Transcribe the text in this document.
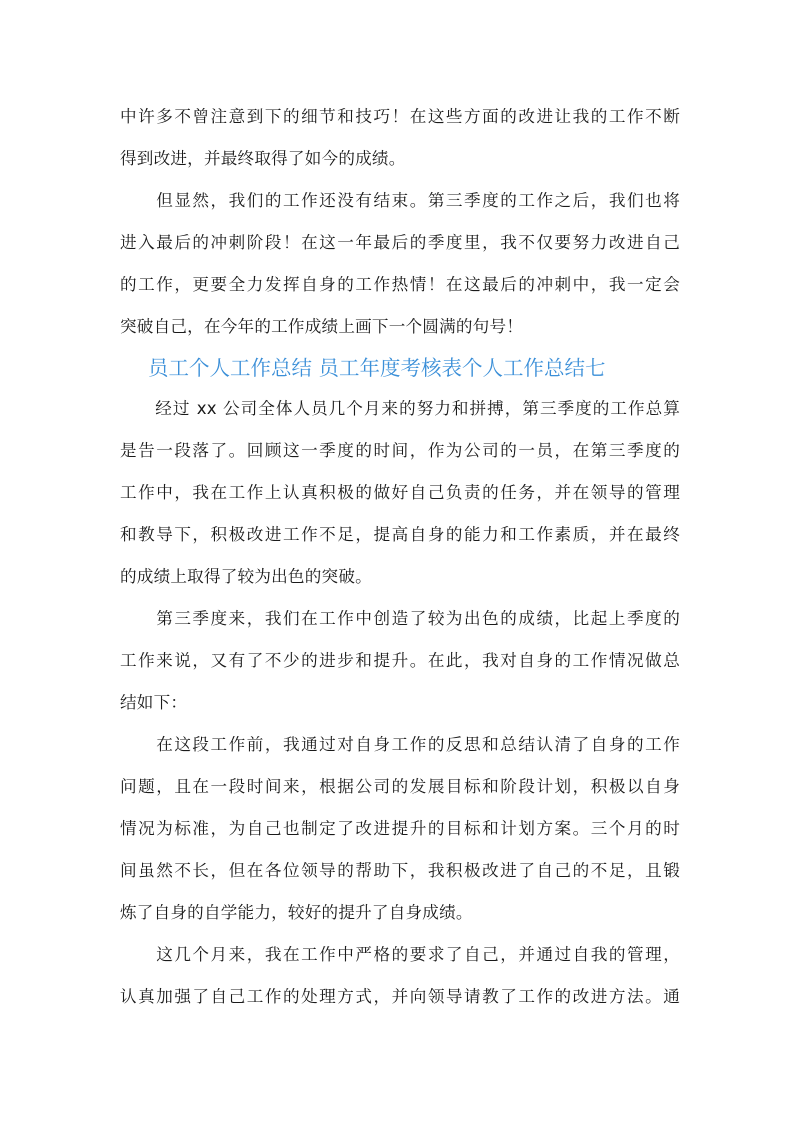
中许多不曾注意到下的细节和技巧！在这些方面的改进让我的工作不断
得到改进，并最终取得了如今的成绩。
　　但显然，我们的工作还没有结束。第三季度的工作之后，我们也将
进入最后的冲刺阶段！在这一年最后的季度里，我不仅要努力改进自己
的工作，更要全力发挥自身的工作热情！在这最后的冲刺中，我一定会
突破自己，在今年的工作成绩上画下一个圆满的句号！
员工个人工作总结 员工年度考核表个人工作总结七
　　经过 xx 公司全体人员几个月来的努力和拼搏，第三季度的工作总算
是告一段落了。回顾这一季度的时间，作为公司的一员，在第三季度的
工作中，我在工作上认真积极的做好自己负责的任务，并在领导的管理
和教导下，积极改进工作不足，提高自身的能力和工作素质，并在最终
的成绩上取得了较为出色的突破。
　　第三季度来，我们在工作中创造了较为出色的成绩，比起上季度的
工作来说，又有了不少的进步和提升。在此，我对自身的工作情况做总
结如下：
　　在这段工作前，我通过对自身工作的反思和总结认清了自身的工作
问题，且在一段时间来，根据公司的发展目标和阶段计划，积极以自身
情况为标准，为自己也制定了改进提升的目标和计划方案。三个月的时
间虽然不长，但在各位领导的帮助下，我积极改进了自己的不足，且锻
炼了自身的自学能力，较好的提升了自身成绩。
　　这几个月来，我在工作中严格的要求了自己，并通过自我的管理，
认真加强了自己工作的处理方式，并向领导请教了工作的改进方法。通
